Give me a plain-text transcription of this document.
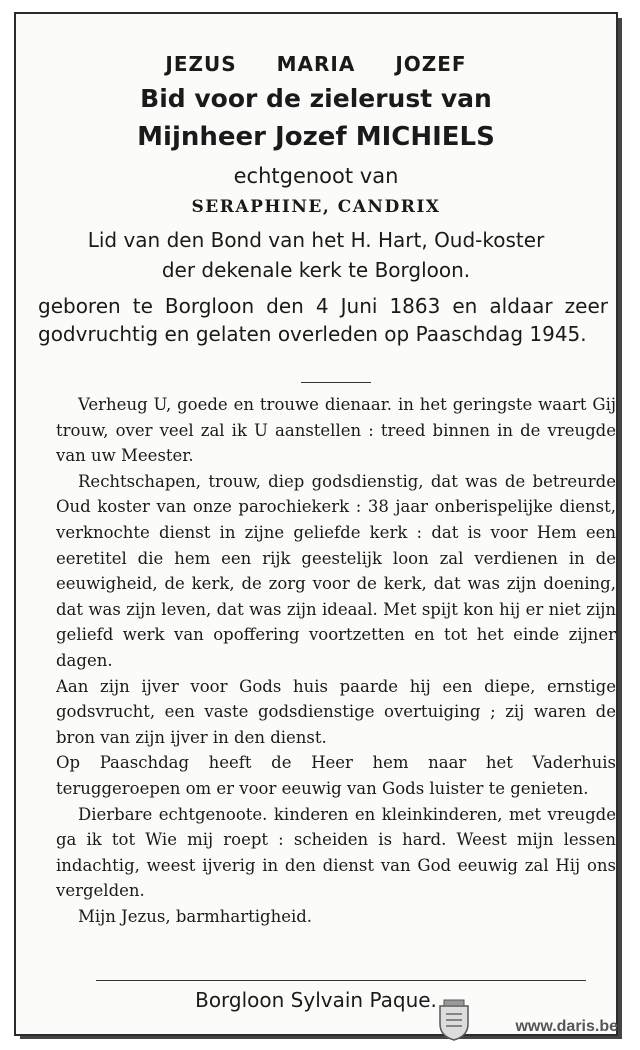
JEZUS MARIA JOZEF
Bid voor de zielerust van
Mijnheer Jozef MICHIELS
echtgenoot van
SERAPHINE, CANDRIX
Lid van den Bond van het H. Hart, Oud-koster
der dekenale kerk te Borgloon.
geboren te Borgloon den 4 Juni 1863 en aldaar zeer godvruchtig en gelaten overleden op Paaschdag 1945.

Verheug U, goede en trouwe dienaar. in het geringste waart Gij trouw, over veel zal ik U aanstellen : treed binnen in de vreugde van uw Meester.

Rechtschapen, trouw, diep godsdienstig, dat was de betreurde Oud koster van onze parochiekerk : 38 jaar onberispelijke dienst, verknochte dienst in zijne geliefde kerk : dat is voor Hem een eeretitel die hem een rijk geestelijk loon zal verdienen in de eeuwigheid, de kerk, de zorg voor de kerk, dat was zijn doening, dat was zijn leven, dat was zijn ideaal. Met spijt kon hij er niet zijn geliefd werk van opoffering voortzetten en tot het einde zijner dagen.

Aan zijn ijver voor Gods huis paarde hij een diepe, ernstige godsvrucht, een vaste godsdienstige overtuiging ; zij waren de bron van zijn ijver in den dienst.

Op Paaschdag heeft de Heer hem naar het Vaderhuis teruggeroepen om er voor eeuwig van Gods luister te genieten.

Dierbare echtgenoote. kinderen en kleinkinderen, met vreugde ga ik tot Wie mij roept : scheiden is hard. Weest mijn lessen indachtig, weest ijverig in den dienst van God eeuwig zal Hij ons vergelden.

Mijn Jezus, barmhartigheid.

Borgloon Sylvain Paque.
www.daris.be
